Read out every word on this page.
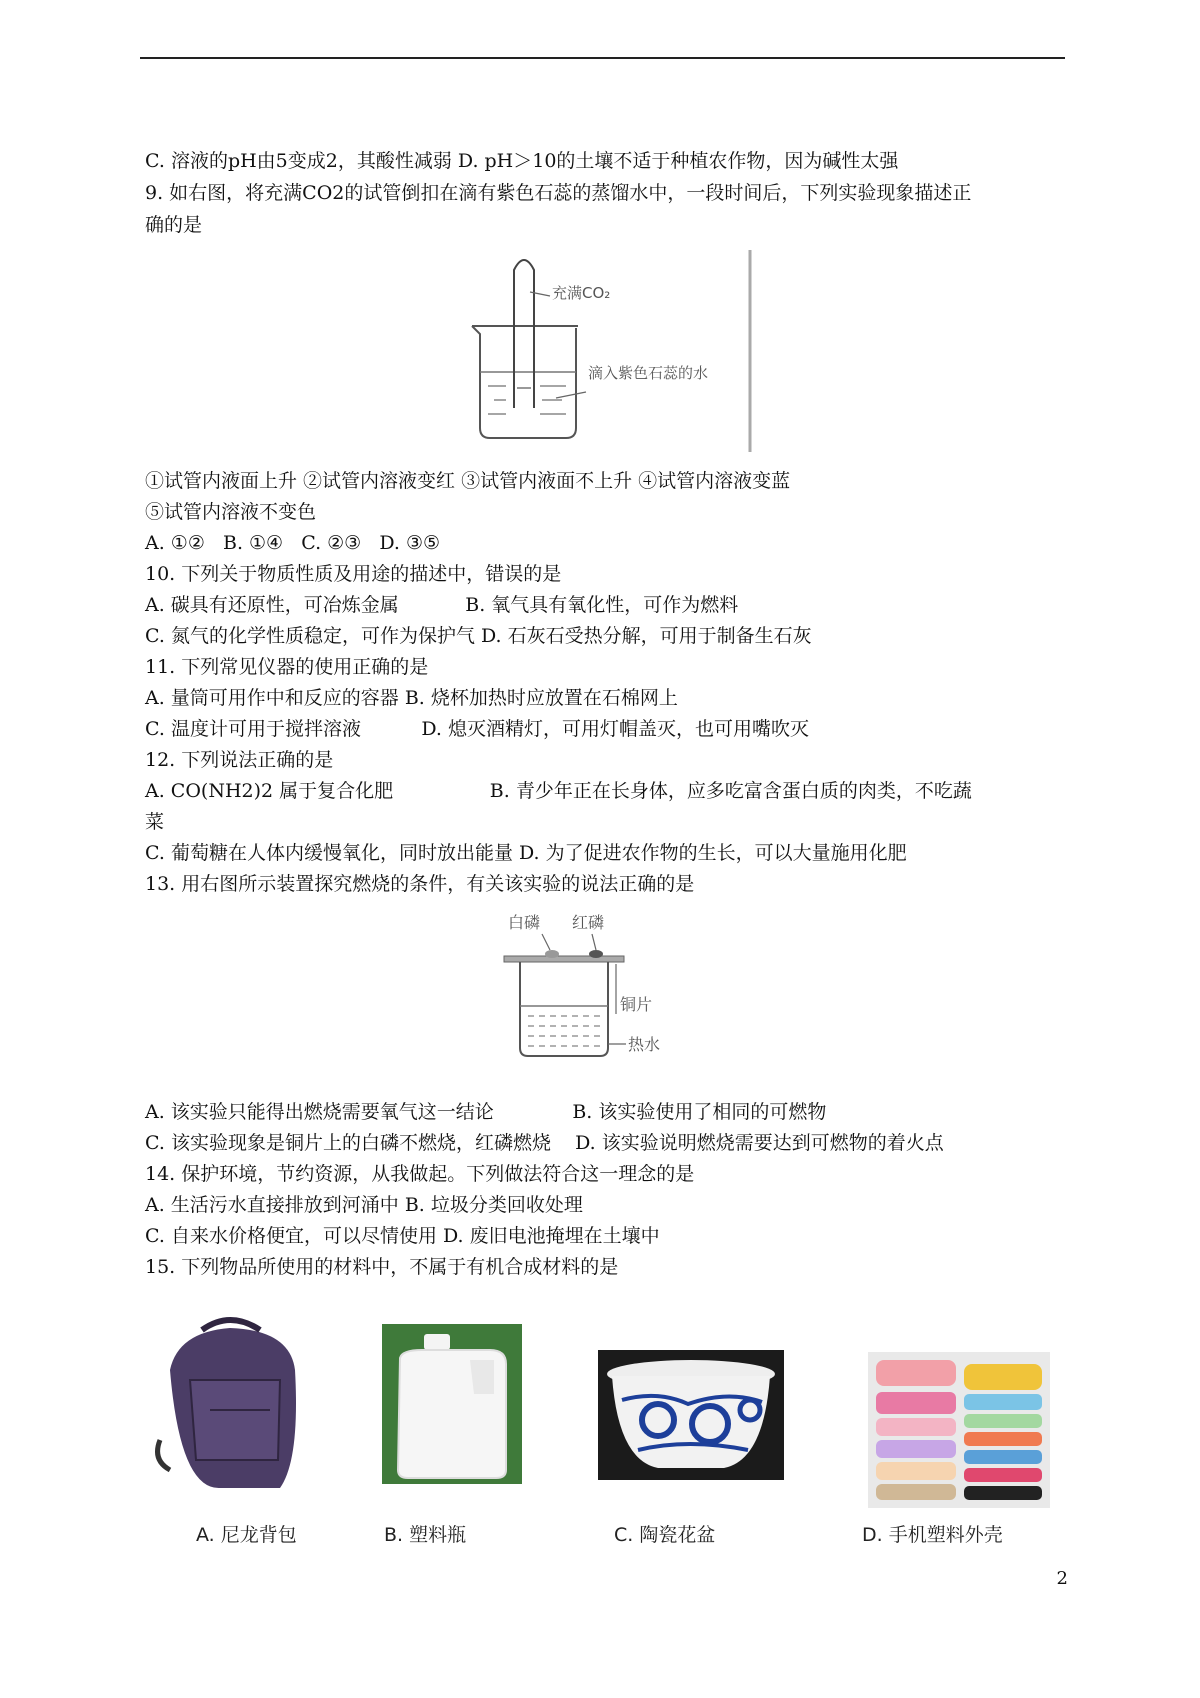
C. 溶液的pH由5变成2，其酸性减弱 D. pH＞10的土壤不适于种植农作物，因为碱性太强
9. 如右图，将充满CO2的试管倒扣在滴有紫色石蕊的蒸馏水中，一段时间后，下列实验现象描述正
确的是
充满CO₂
滴入紫色石蕊的水
①试管内液面上升 ②试管内溶液变红 ③试管内液面不上升 ④试管内溶液变蓝
⑤试管内溶液不变色
A. ①②   B. ①④   C. ②③   D. ③⑤
10. 下列关于物质性质及用途的描述中，错误的是
A. 碳具有还原性，可冶炼金属           B. 氧气具有氧化性，可作为燃料
C. 氮气的化学性质稳定，可作为保护气 D. 石灰石受热分解，可用于制备生石灰
11. 下列常见仪器的使用正确的是
A. 量筒可用作中和反应的容器 B. 烧杯加热时应放置在石棉网上
C. 温度计可用于搅拌溶液          D. 熄灭酒精灯，可用灯帽盖灭，也可用嘴吹灭
12. 下列说法正确的是
A. CO(NH2)2 属于复合化肥                B. 青少年正在长身体，应多吃富含蛋白质的肉类，不吃蔬
菜
C. 葡萄糖在人体内缓慢氧化，同时放出能量 D. 为了促进农作物的生长，可以大量施用化肥
13. 用右图所示装置探究燃烧的条件，有关该实验的说法正确的是
白磷 红磷
铜片
热水
A. 该实验只能得出燃烧需要氧气这一结论             B. 该实验使用了相同的可燃物
C. 该实验现象是铜片上的白磷不燃烧，红磷燃烧    D. 该实验说明燃烧需要达到可燃物的着火点
14. 保护环境，节约资源，从我做起。下列做法符合这一理念的是
A. 生活污水直接排放到河涌中 B. 垃圾分类回收处理
C. 自来水价格便宜，可以尽情使用 D. 废旧电池掩埋在土壤中
15. 下列物品所使用的材料中，不属于有机合成材料的是
A. 尼龙背包	B. 塑料瓶	C. 陶瓷花盆	D. 手机塑料外壳
2
